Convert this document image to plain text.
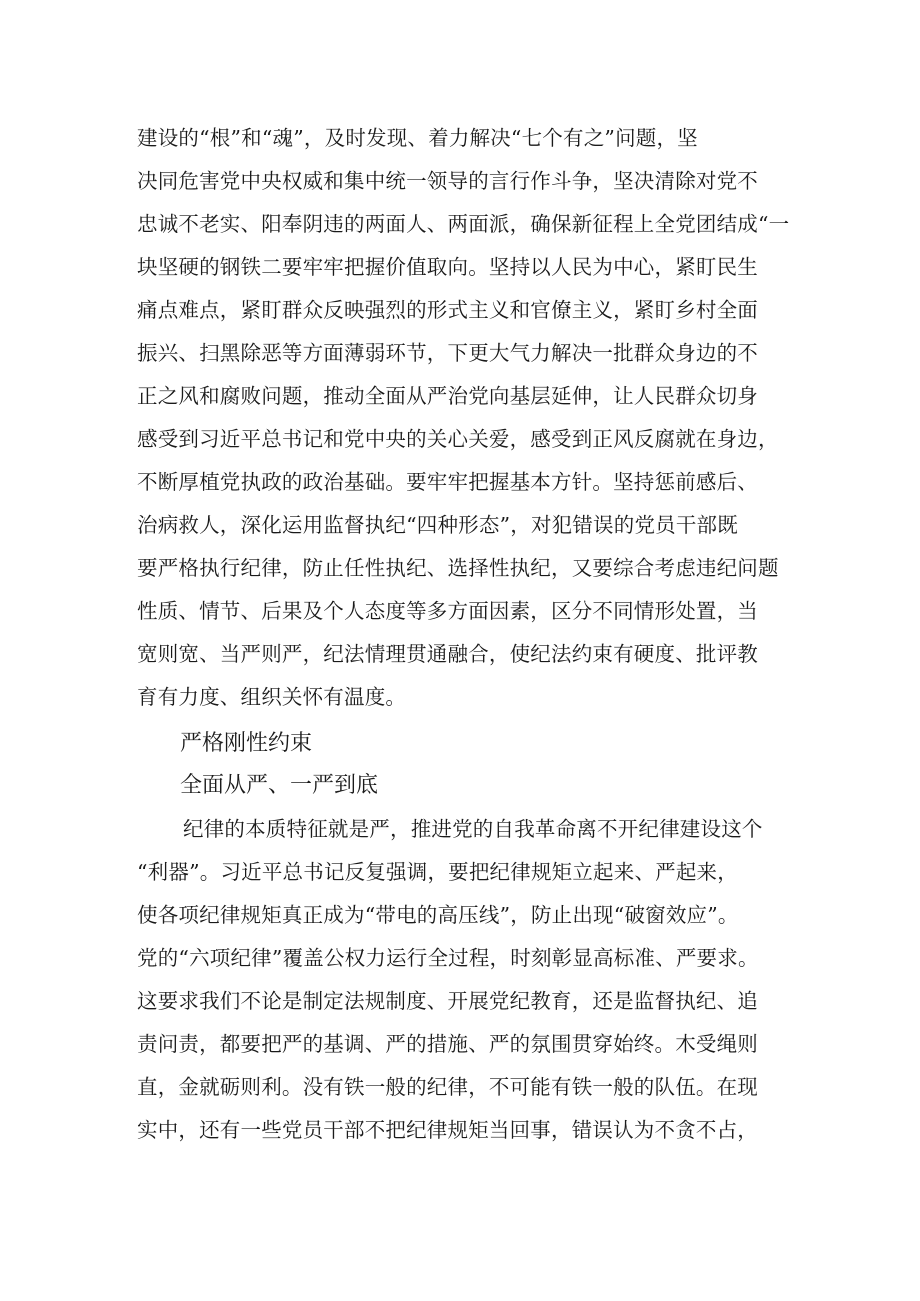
建设的“根”和“魂”，及时发现、着力解决“七个有之”问题，坚
决同危害党中央权威和集中统一领导的言行作斗争，坚决清除对党不
忠诚不老实、阳奉阴违的两面人、两面派，确保新征程上全党团结成“一
块坚硬的钢铁二要牢牢把握价值取向。坚持以人民为中心，紧盯民生
痛点难点，紧盯群众反映强烈的形式主义和官僚主义，紧盯乡村全面
振兴、扫黑除恶等方面薄弱环节，下更大气力解决一批群众身边的不
正之风和腐败问题，推动全面从严治党向基层延伸，让人民群众切身
感受到习近平总书记和党中央的关心关爱，感受到正风反腐就在身边，
不断厚植党执政的政治基础。要牢牢把握基本方针。坚持惩前感后、
治病救人，深化运用监督执纪“四种形态”，对犯错误的党员干部既
要严格执行纪律，防止任性执纪、选择性执纪，又要综合考虑违纪问题
性质、情节、后果及个人态度等多方面因素，区分不同情形处置，当
宽则宽、当严则严，纪法情理贯通融合，使纪法约束有硬度、批评教
育有力度、组织关怀有温度。
严格刚性约束
全面从严、一严到底
纪律的本质特征就是严，推进党的自我革命离不开纪律建设这个
“利器”。习近平总书记反复强调，要把纪律规矩立起来、严起来，
使各项纪律规矩真正成为“带电的高压线”，防止出现“破窗效应”。
党的“六项纪律”覆盖公权力运行全过程，时刻彰显高标准、严要求。
这要求我们不论是制定法规制度、开展党纪教育，还是监督执纪、追
责问责，都要把严的基调、严的措施、严的氛围贯穿始终。木受绳则
直，金就砺则利。没有铁一般的纪律，不可能有铁一般的队伍。在现
实中，还有一些党员干部不把纪律规矩当回事，错误认为不贪不占，
